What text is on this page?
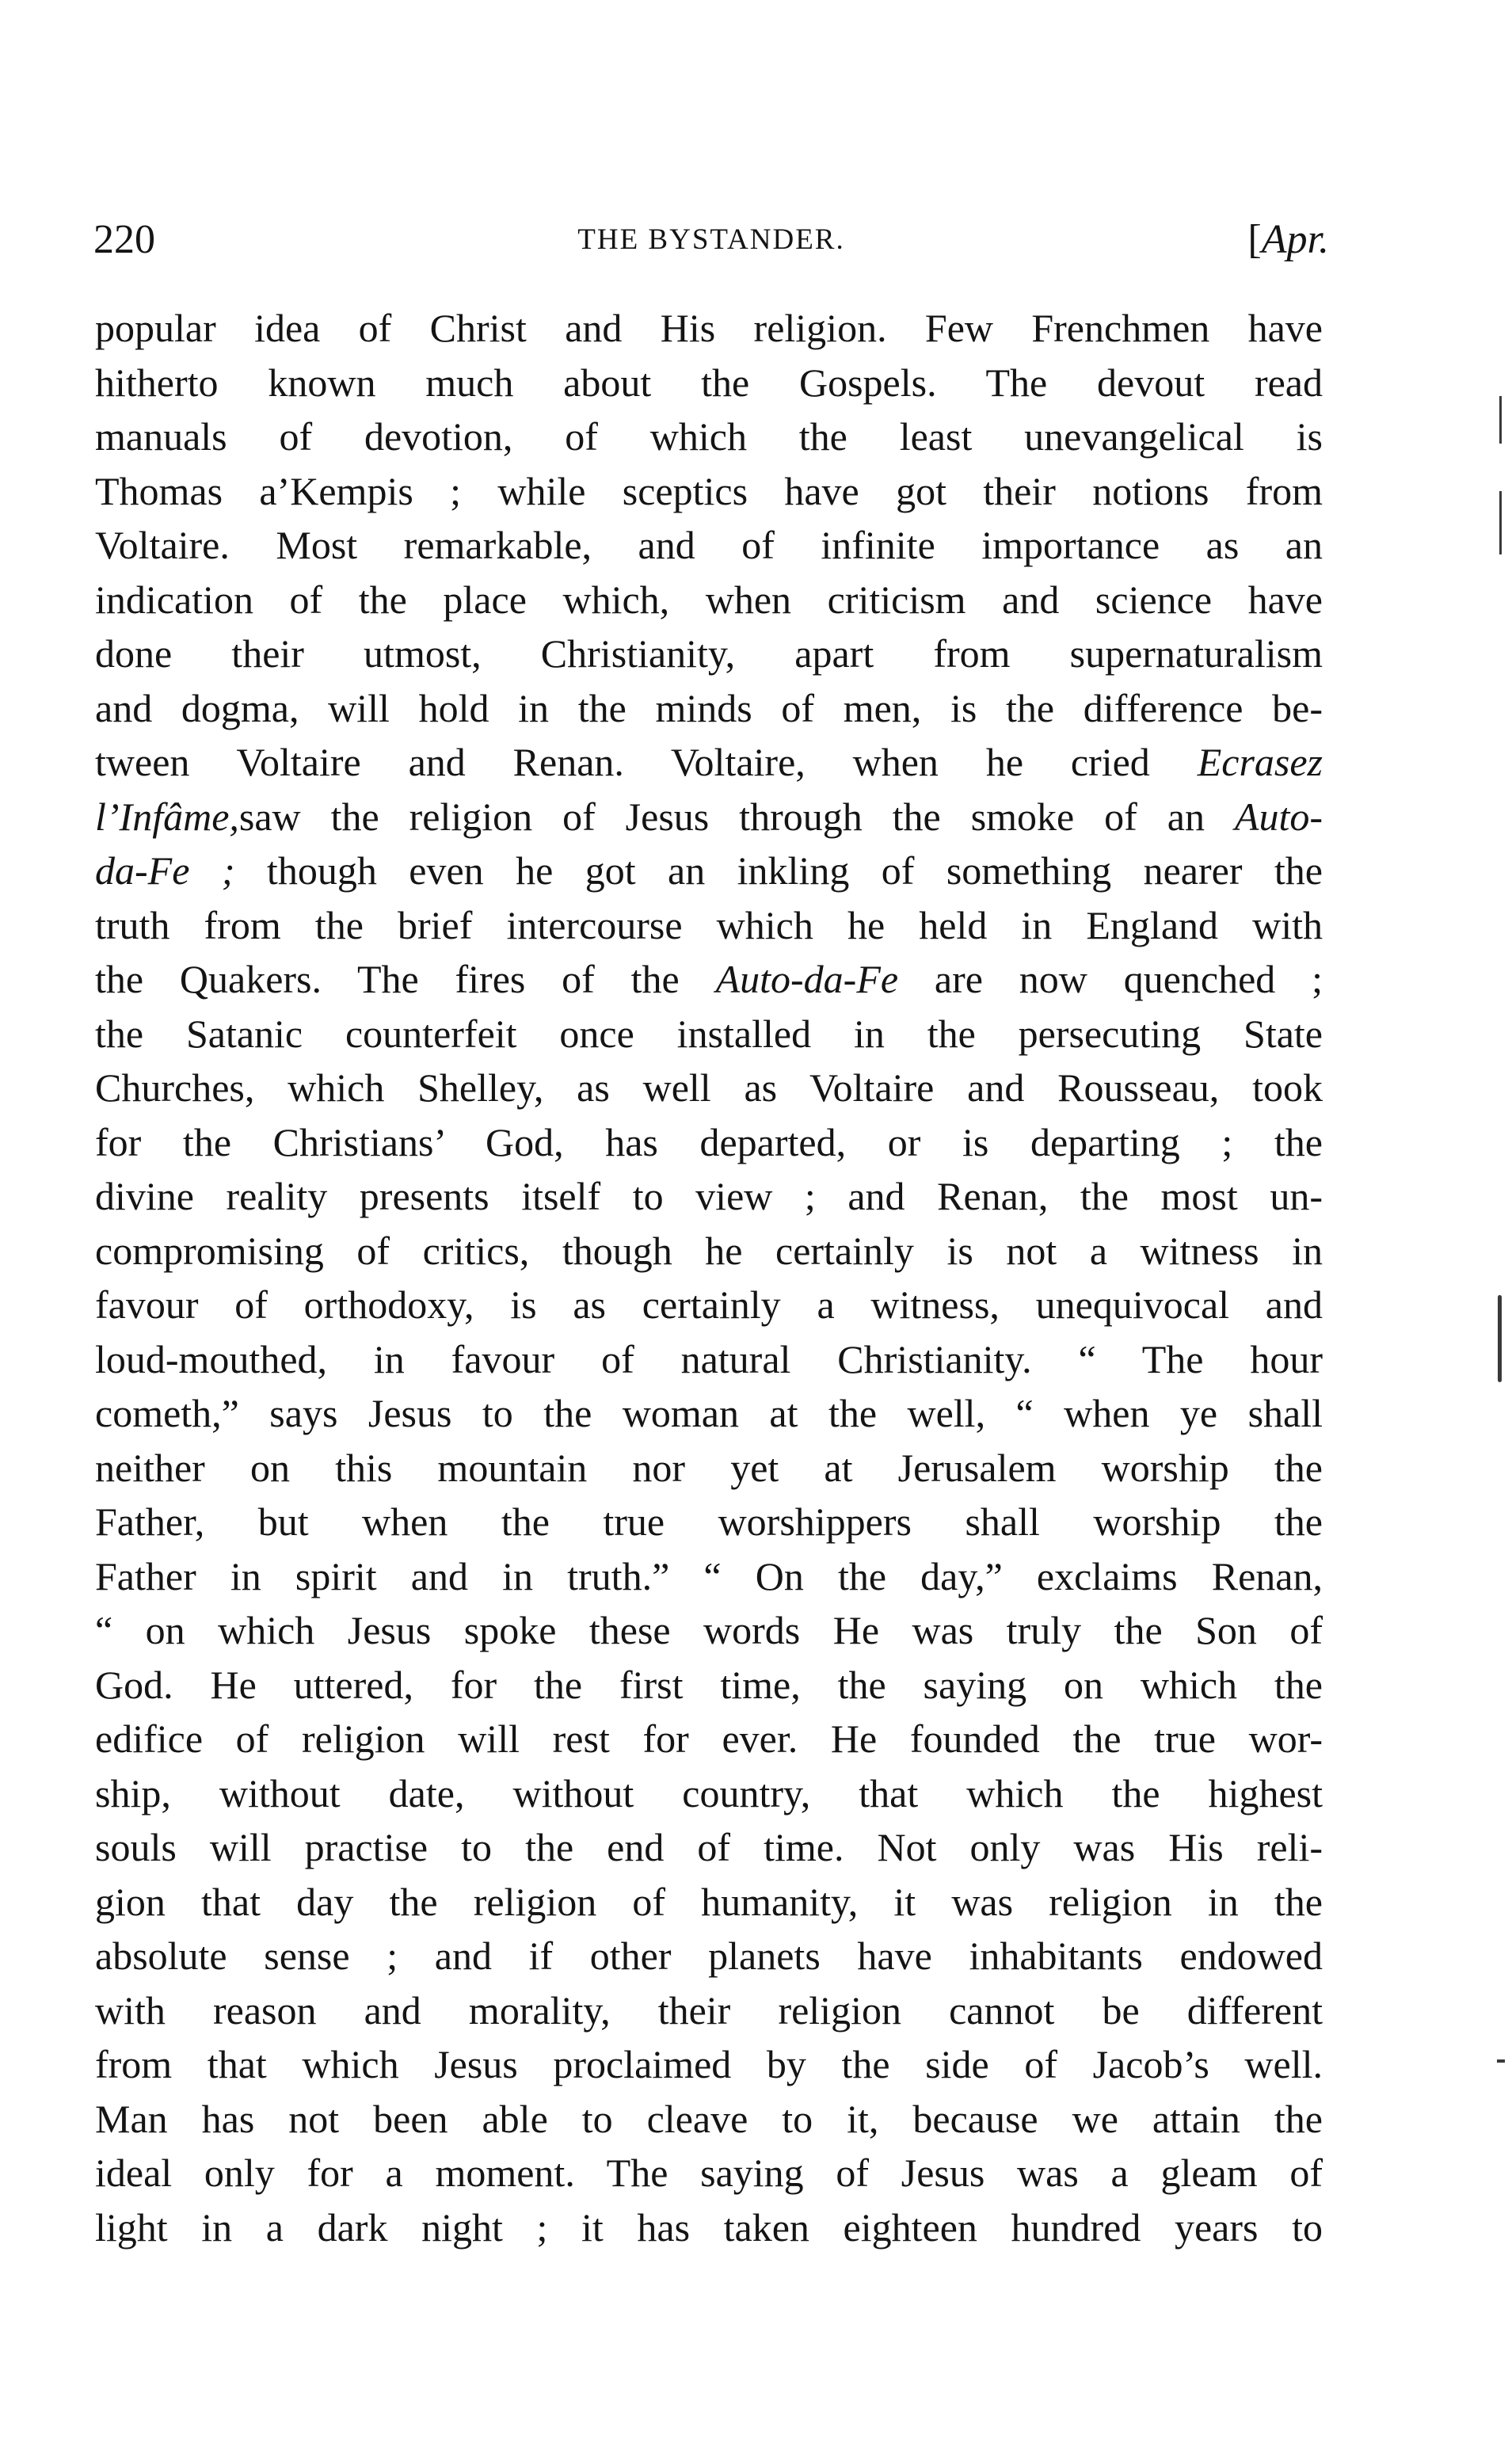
220	THE BYSTANDER.	[Apr.
popular idea of Christ and His religion. Few Frenchmen have
hitherto known much about the Gospels. The devout read
manuals of devotion, of which the least unevangelical is
Thomas a’Kempis ; while sceptics have got their notions from
Voltaire. Most remarkable, and of infinite importance as an
indication of the place which, when criticism and science have
done their utmost, Christianity, apart from supernaturalism
and dogma, will hold in the minds of men, is the difference be-
tween Voltaire and Renan. Voltaire, when he cried Ecrasez
l’Infâme,saw the religion of Jesus through the smoke of an Auto-
da-Fe ; though even he got an inkling of something nearer the
truth from the brief intercourse which he held in England with
the Quakers. The fires of the Auto-da-Fe are now quenched ;
the Satanic counterfeit once installed in the persecuting State
Churches, which Shelley, as well as Voltaire and Rousseau, took
for the Christians’ God, has departed, or is departing ; the
divine reality presents itself to view ; and Renan, the most un-
compromising of critics, though he certainly is not a witness in
favour of orthodoxy, is as certainly a witness, unequivocal and
loud-mouthed, in favour of natural Christianity. “ The hour
cometh,” says Jesus to the woman at the well, “ when ye shall
neither on this mountain nor yet at Jerusalem worship the
Father, but when the true worshippers shall worship the
Father in spirit and in truth.” “ On the day,” exclaims Renan,
“ on which Jesus spoke these words He was truly the Son of
God. He uttered, for the first time, the saying on which the
edifice of religion will rest for ever. He founded the true wor-
ship, without date, without country, that which the highest
souls will practise to the end of time. Not only was His reli-
gion that day the religion of humanity, it was religion in the
absolute sense ; and if other planets have inhabitants endowed
with reason and morality, their religion cannot be different
from that which Jesus proclaimed by the side of Jacob’s well.
Man has not been able to cleave to it, because we attain the
ideal only for a moment. The saying of Jesus was a gleam of
light in a dark night ; it has taken eighteen hundred years to
